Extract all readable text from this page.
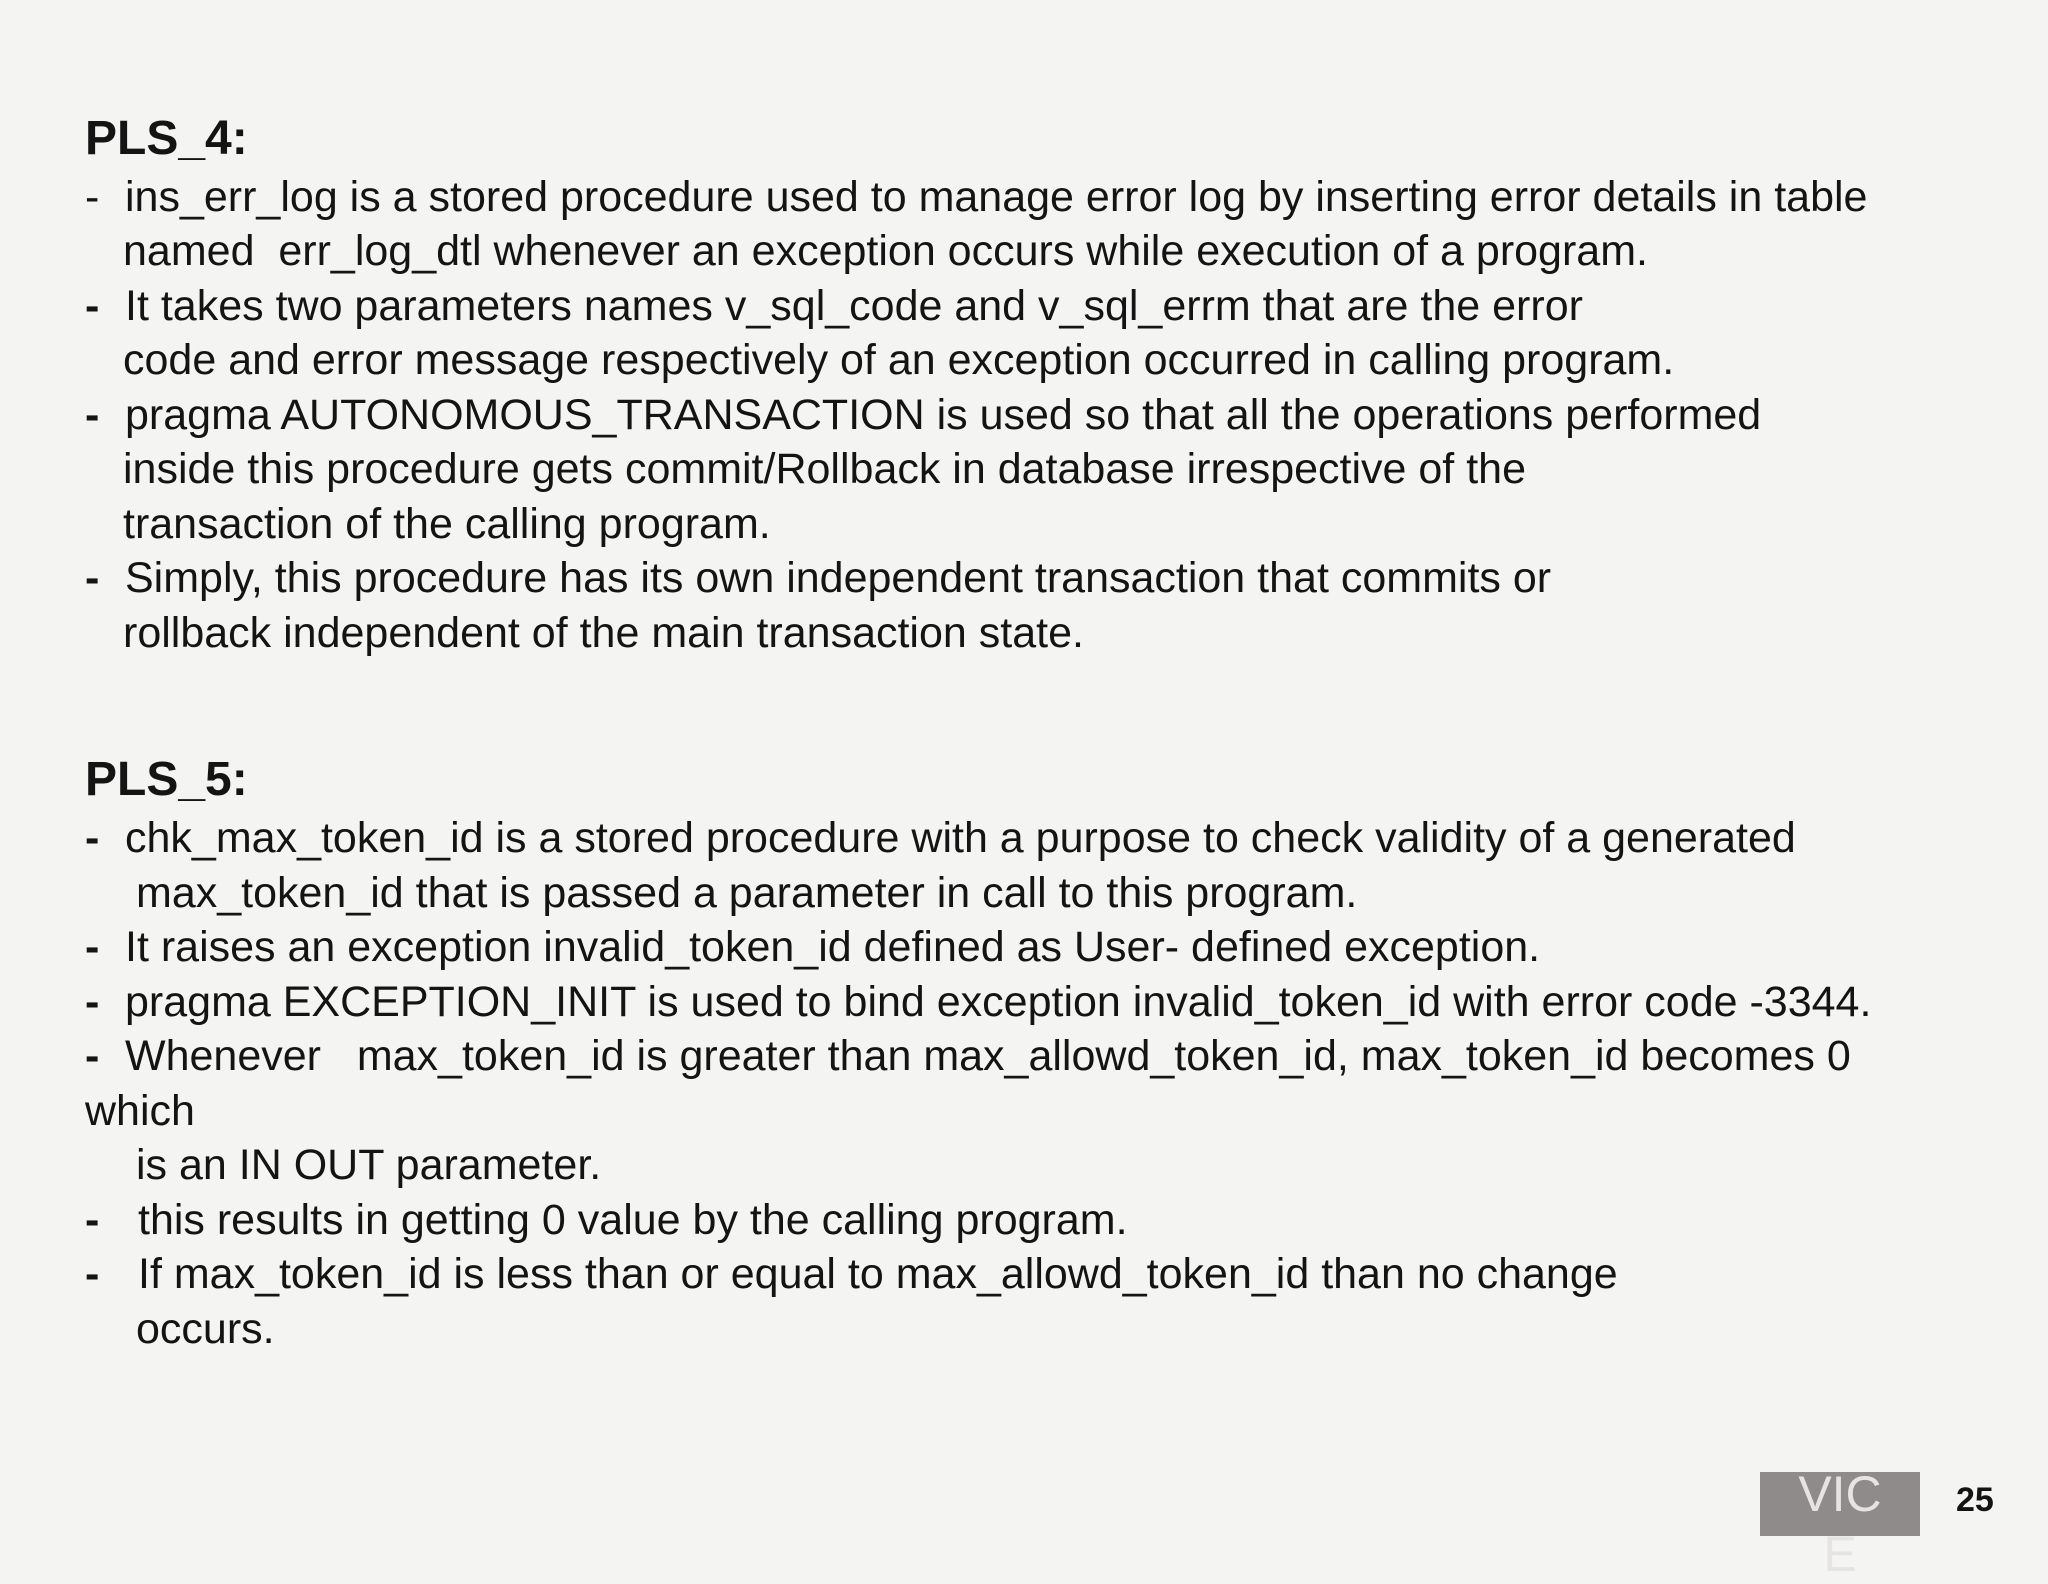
PLS_4:
- ins_err_log is a stored procedure used to manage error log by inserting error details in table
named  err_log_dtl whenever an exception occurs while execution of a program.
- It takes two parameters names v_sql_code and v_sql_errm that are the error
code and error message respectively of an exception occurred in calling program.
- pragma AUTONOMOUS_TRANSACTION is used so that all the operations performed
inside this procedure gets commit/Rollback in database irrespective of the
transaction of the calling program.
- Simply, this procedure has its own independent transaction that commits or
rollback independent of the main transaction state.
PLS_5:
- chk_max_token_id is a stored procedure with a purpose to check validity of a generated
max_token_id that is passed a parameter in call to this program.
- It raises an exception invalid_token_id defined as User- defined exception.
- pragma EXCEPTION_INIT is used to bind exception invalid_token_id with error code -3344.
- Whenever   max_token_id is greater than max_allowd_token_id, max_token_id becomes 0
which
is an IN OUT parameter.
- this results in getting 0 value by the calling program.
- If max_token_id is less than or equal to max_allowd_token_id than no change
occurs.
VIC
E
25
